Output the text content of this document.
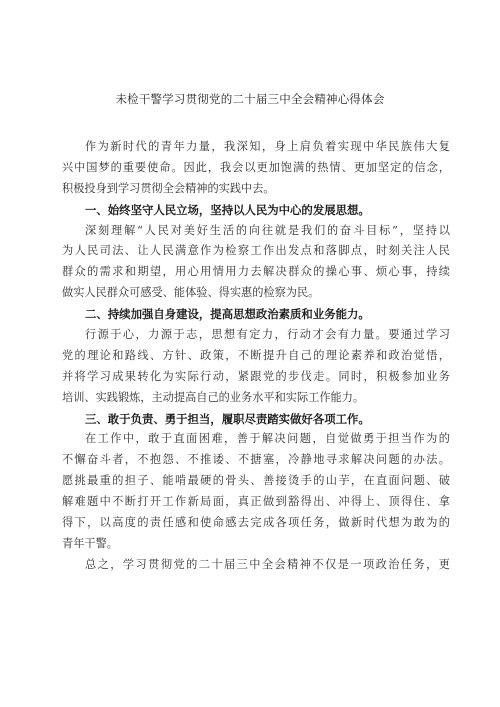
未检干警学习贯彻党的二十届三中全会精神心得体会
作为新时代的青年力量，我深知，身上肩负着实现中华民族伟大复
兴中国梦的重要使命。因此，我会以更加饱满的热情、更加坚定的信念，
积极投身到学习贯彻全会精神的实践中去。
一、始终坚守人民立场，坚持以人民为中心的发展思想。
深刻理解“人民对美好生活的向往就是我们的奋斗目标”，坚持以
为人民司法、让人民满意作为检察工作出发点和落脚点，时刻关注人民
群众的需求和期望，用心用情用力去解决群众的操心事、烦心事，持续
做实人民群众可感受、能体验、得实惠的检察为民。
二、持续加强自身建设，提高思想政治素质和业务能力。
行源于心，力源于志，思想有定力，行动才会有力量。要通过学习
党的理论和路线、方针、政策，不断提升自己的理论素养和政治觉悟，
并将学习成果转化为实际行动，紧跟党的步伐走。同时，积极参加业务
培训、实践锻炼，主动提高自己的业务水平和实际工作能力。
三、敢于负责、勇于担当，履职尽责踏实做好各项工作。
在工作中，敢于直面困难，善于解决问题，自觉做勇于担当作为的
不懈奋斗者，不抱怨、不推诿、不搪塞，冷静地寻求解决问题的办法。
愿挑最重的担子、能啃最硬的骨头、善接烫手的山芋，在直面问题、破
解难题中不断打开工作新局面，真正做到豁得出、冲得上、顶得住、拿
得下，以高度的责任感和使命感去完成各项任务，做新时代想为敢为的
青年干警。
总之，学习贯彻党的二十届三中全会精神不仅是一项政治任务，更
